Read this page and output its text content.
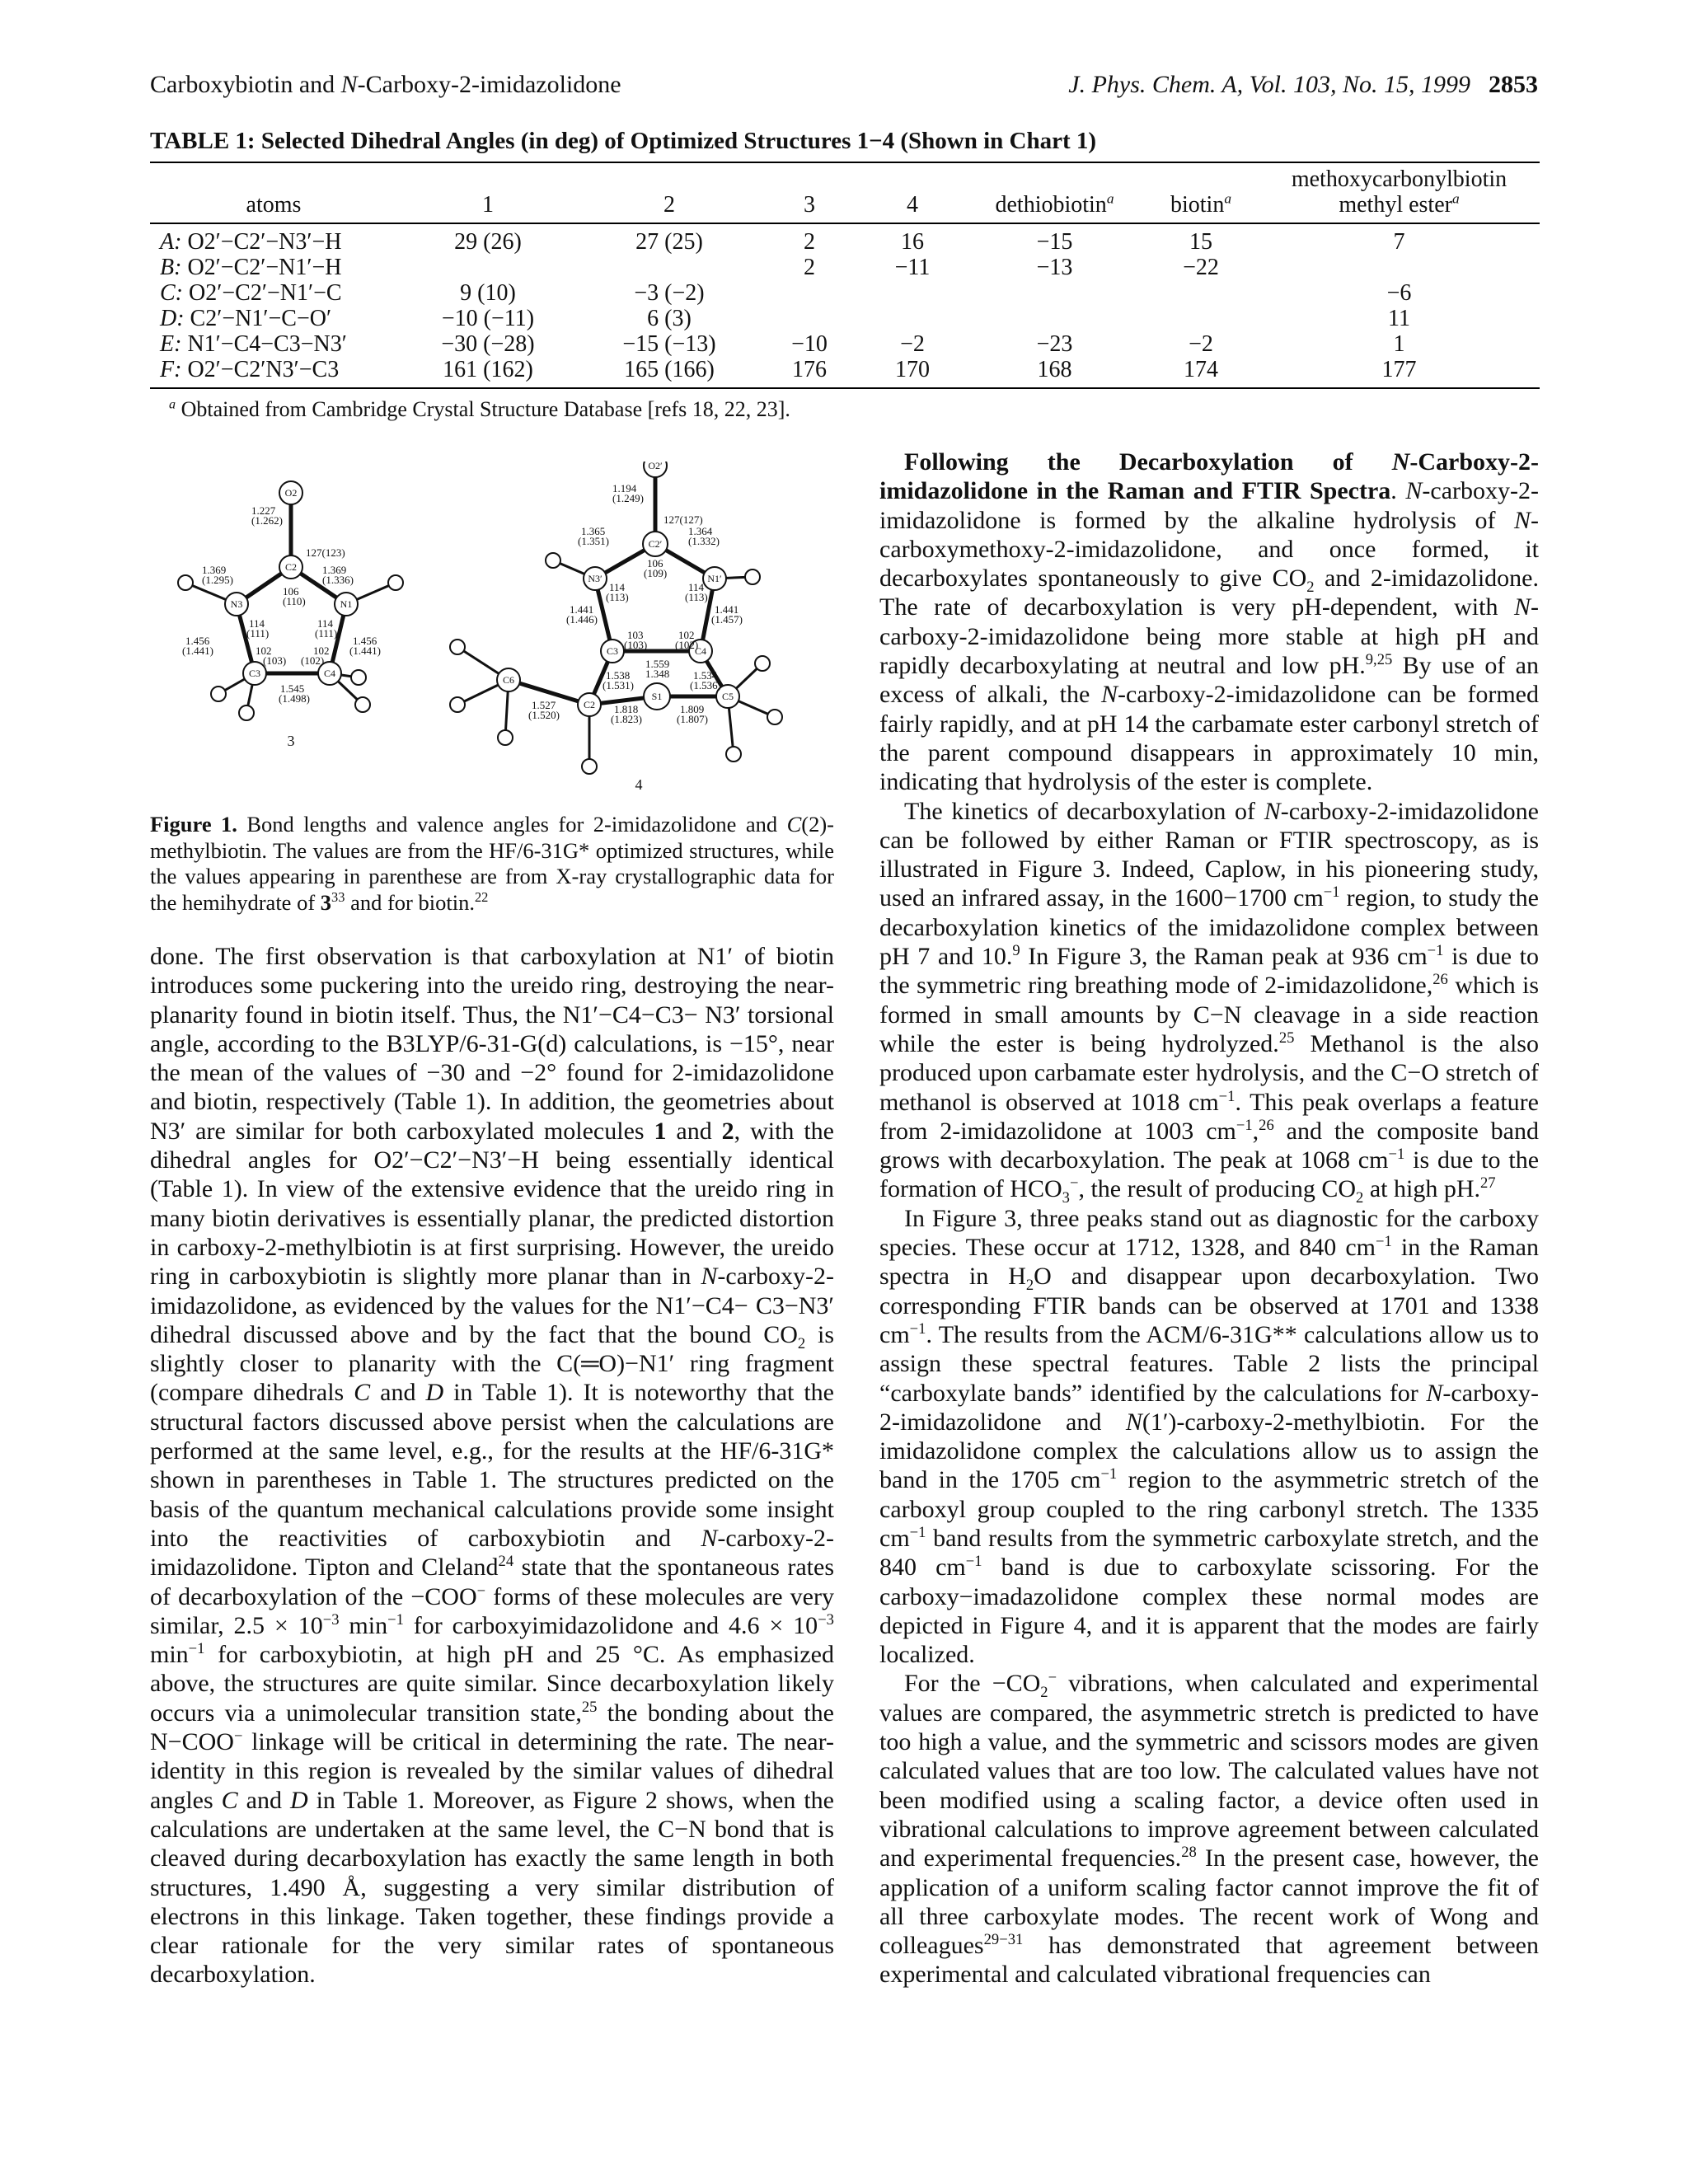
Carboxybiotin and N-Carboxy-2-imidazolidone	J. Phys. Chem. A, Vol. 103, No. 15, 1999 2853
TABLE 1: Selected Dihedral Angles (in deg) of Optimized Structures 1−4 (Shown in Chart 1)
atoms	1	2	3	4	dethiobiotin$^a$	biotin$^a$	methoxycarbonylbiotin
methyl ester$^a$
A: O2′−C2′−N3′−H	29 (26)	27 (25)	2	16	−15	15	7
B: O2′−C2′−N1′−H			2	−11	−13	−22	
C: O2′−C2′−N1′−C	9 (10)	−3 (−2)					−6
D: C2′−N1′−C−O′	−10 (−11)	6 (3)					11
E: N1′−C4−C3−N3′	−30 (−28)	−15 (−13)	−10	−2	−23	−2	1
F: O2′−C2′N3′−C3	161 (162)	165 (166)	176	170	168	174	177
$^a$ Obtained from Cambridge Crystal Structure Database [refs 18, 22, 23].
O2
C2
N3	N1
C3	C4
O2′
C2′
N3′	N1′
C3	C4
S1
C2
C5
C6
1.227
(1.262)
127(123)
1.369
(1.295)
1.369
(1.336)
106
(110)
114
(111)
114
(111)
1.456
(1.441)
1.456
(1.441)
102
(103)
102
(102)
1.545
(1.498)
1.194
(1.249)
127(127)
1.365
(1.351)
1.364
(1.332)
106
(109)
114
(113)
114
(113)
1.441
(1.446)
1.441
(1.457)
103
(103)
102
(102)
1.559
1.348
1.538
(1.531)
1.534
(1.536)
1.818
(1.823)
1.809
(1.807)
1.527
(1.520)
3
4
Figure 1. Bond lengths and valence angles for 2-imidazolidone and C(2)-methylbiotin. The values are from the HF/6-31G* optimized structures, while the values appearing in parenthese are from X-ray crystallographic data for the hemihydrate of $3^{33}$ and for biotin.$^{22}$

done. The first observation is that carboxylation at N1′ of biotin introduces some puckering into the ureido ring, destroying the near-planarity found in biotin itself. Thus, the N1′−C4−C3− N3′ torsional angle, according to the B3LYP/6-31-G(d) calculations, is −15°, near the mean of the values of −30 and −2° found for 2-imidazolidone and biotin, respectively (Table 1). In addition, the geometries about N3′ are similar for both carboxylated molecules 1 and 2, with the dihedral angles for O2′−C2′−N3′−H being essentially identical (Table 1). In view of the extensive evidence that the ureido ring in many biotin derivatives is essentially planar, the predicted distortion in carboxy-2-methylbiotin is at first surprising. However, the ureido ring in carboxybiotin is slightly more planar than in N-carboxy-2-imidazolidone, as evidenced by the values for the N1′−C4− C3−N3′ dihedral discussed above and by the fact that the bound $CO_2$ is slightly closer to planarity with the C(═O)−N1′ ring fragment (compare dihedrals C and D in Table 1). It is noteworthy that the structural factors discussed above persist when the calculations are performed at the same level, e.g., for the results at the HF/6-31G* shown in parentheses in Table 1. The structures predicted on the basis of the quantum mechanical calculations provide some insight into the reactivities of carboxybiotin and N-carboxy-2-imidazolidone. Tipton and Cleland$^{24}$ state that the spontaneous rates of decarboxylation of the −COO− forms of these molecules are very similar, $2.5 \times 10^{-3}$ $\min^{-1}$ for carboxyimidazolidone and $4.6 \times 10^{-3}$ $\min^{-1}$ for carboxybiotin, at high pH and 25 °C. As emphasized above, the structures are quite similar. Since decarboxylation likely occurs via a unimolecular transition state,$^{25}$ the bonding about the N−COO− linkage will be critical in determining the rate. The near-identity in this region is revealed by the similar values of dihedral angles C and D in Table 1. Moreover, as Figure 2 shows, when the calculations are undertaken at the same level, the C−N bond that is cleaved during decarboxylation has exactly the same length in both structures, 1.490 Å, suggesting a very similar distribution of electrons in this linkage. Taken together, these findings provide a clear rationale for the very similar rates of spontaneous decarboxylation.

Following the Decarboxylation of N-Carboxy-2-imidazolidone in the Raman and FTIR Spectra. N-carboxy-2-imidazolidone is formed by the alkaline hydrolysis of N-carboxymethoxy-2-imidazolidone, and once formed, it decarboxylates spontaneously to give $CO_2$ and 2-imidazolidone. The rate of decarboxylation is very pH-dependent, with N-carboxy-2-imidazolidone being more stable at high pH and rapidly decarboxylating at neutral and low pH.$^{9,25}$ By use of an excess of alkali, the N-carboxy-2-imidazolidone can be formed fairly rapidly, and at pH 14 the carbamate ester carbonyl stretch of the parent compound disappears in approximately 10 min, indicating that hydrolysis of the ester is complete.

The kinetics of decarboxylation of N-carboxy-2-imidazolidone can be followed by either Raman or FTIR spectroscopy, as is illustrated in Figure 3. Indeed, Caplow, in his pioneering study, used an infrared assay, in the 1600−1700 $cm^{-1}$ region, to study the decarboxylation kinetics of the imidazolidone complex between pH 7 and 10.$^9$ In Figure 3, the Raman peak at 936 $cm^{-1}$ is due to the symmetric ring breathing mode of 2-imidazolidone,$^{26}$ which is formed in small amounts by C−N cleavage in a side reaction while the ester is being hydrolyzed.$^{25}$ Methanol is the also produced upon carbamate ester hydrolysis, and the C−O stretch of methanol is observed at 1018 $cm^{-1}$. This peak overlaps a feature from 2-imidazolidone at 1003 $cm^{-1},^{26}$ and the composite band grows with decarboxylation. The peak at 1068 $cm^{-1}$ is due to the formation of $HCO_3^-$, the result of producing $CO_2$ at high pH.$^{27}$

In Figure 3, three peaks stand out as diagnostic for the carboxy species. These occur at 1712, 1328, and 840 $cm^{-1}$ in the Raman spectra in $H_2O$ and disappear upon decarboxylation. Two corresponding FTIR bands can be observed at 1701 and 1338 $cm^{-1}$. The results from the ACM/6-31G** calculations allow us to assign these spectral features. Table 2 lists the principal “carboxylate bands” identified by the calculations for N-carboxy-2-imidazolidone and N(1′)-carboxy-2-methylbiotin. For the imidazolidone complex the calculations allow us to assign the band in the 1705 $cm^{-1}$ region to the asymmetric stretch of the carboxyl group coupled to the ring carbonyl stretch. The 1335 $cm^{-1}$ band results from the symmetric carboxylate stretch, and the 840 $cm^{-1}$ band is due to carboxylate scissoring. For the carboxy−imadazolidone complex these normal modes are depicted in Figure 4, and it is apparent that the modes are fairly localized.

For the $-CO_2^-$ vibrations, when calculated and experimental values are compared, the asymmetric stretch is predicted to have too high a value, and the symmetric and scissors modes are given calculated values that are too low. The calculated values have not been modified using a scaling factor, a device often used in vibrational calculations to improve agreement between calculated and experimental frequencies.$^{28}$ In the present case, however, the application of a uniform scaling factor cannot improve the fit of all three carboxylate modes. The recent work of Wong and colleagues$^{29-31}$ has demonstrated that agreement between experimental and calculated vibrational frequencies can
